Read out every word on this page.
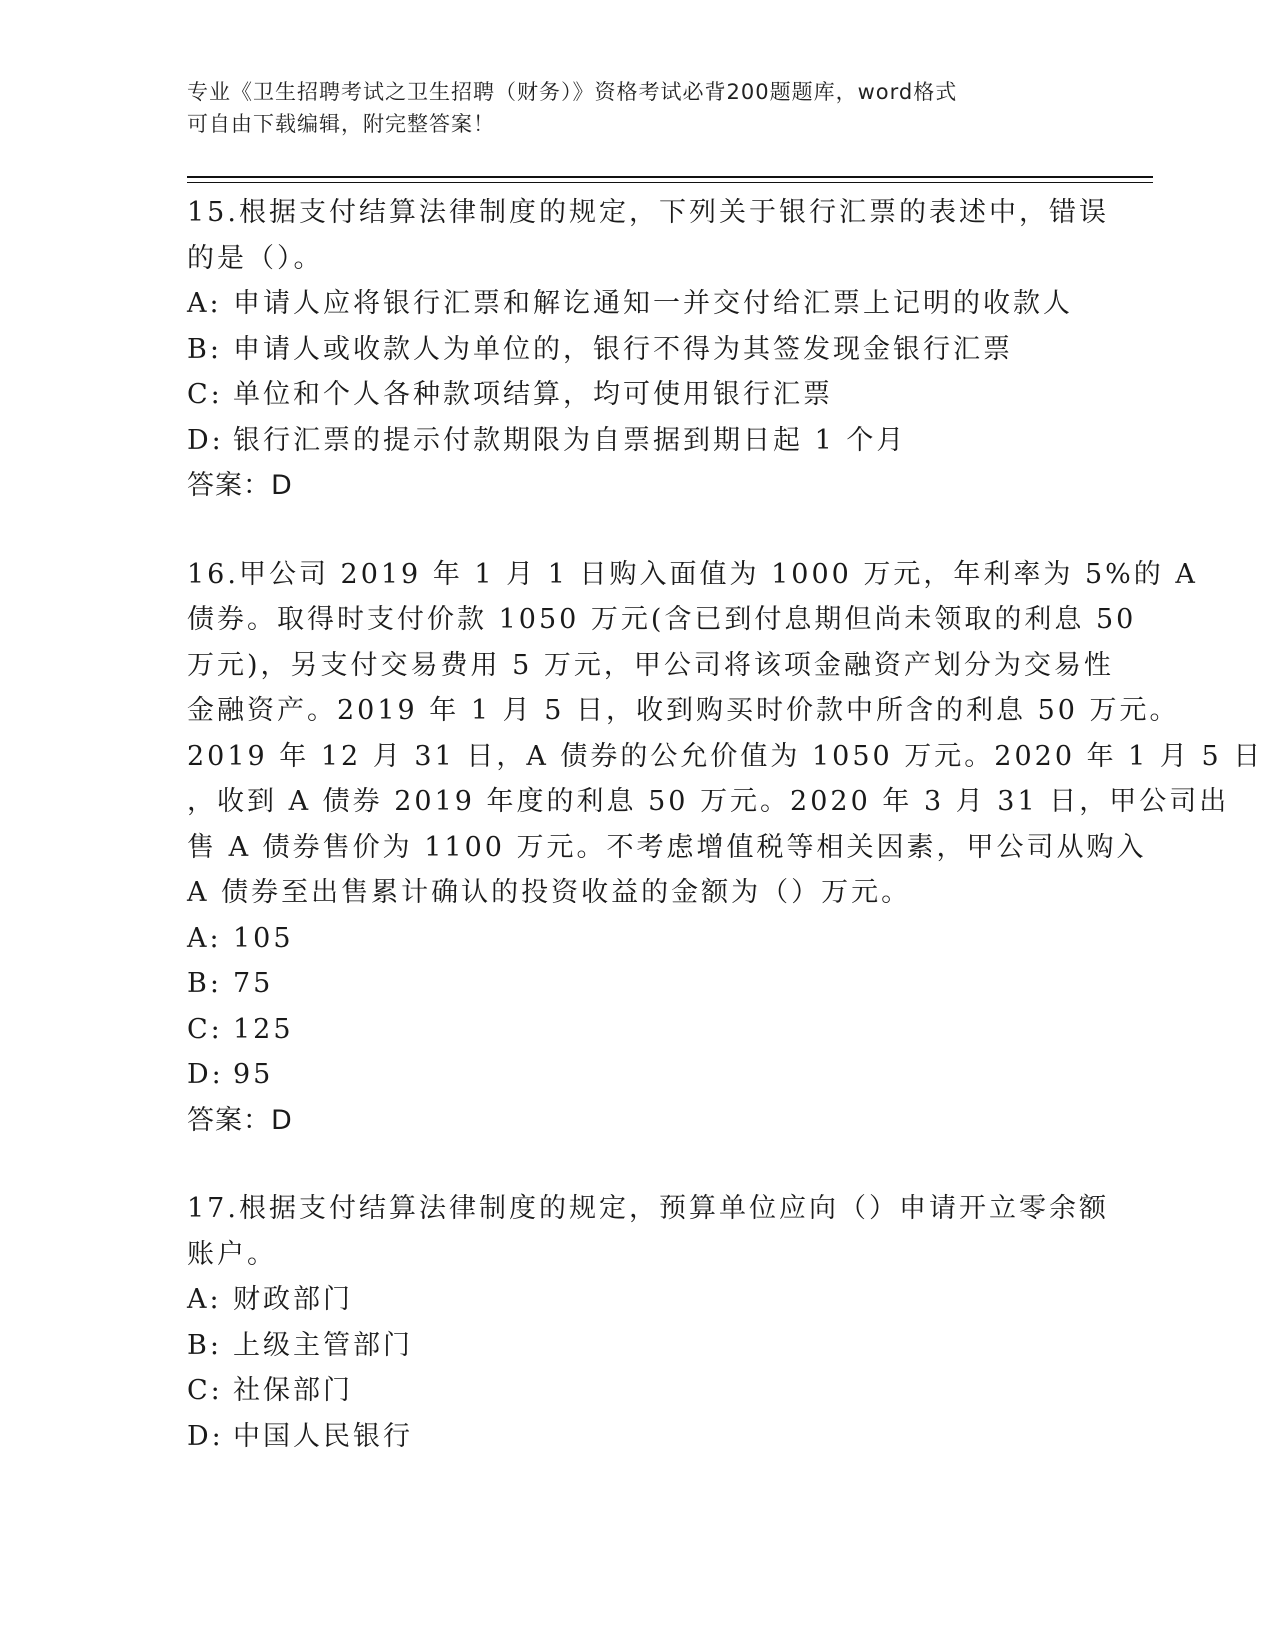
专业《卫生招聘考试之卫生招聘（财务）》资格考试必背200题题库，word格式
可自由下载编辑，附完整答案！
15.根据支付结算法律制度的规定，下列关于银行汇票的表述中，错误
的是（）。
A: 申请人应将银行汇票和解讫通知一并交付给汇票上记明的收款人
B: 申请人或收款人为单位的，银行不得为其签发现金银行汇票
C: 单位和个人各种款项结算，均可使用银行汇票
D: 银行汇票的提示付款期限为自票据到期日起 1 个月
答案：D
16.甲公司 2019 年 1 月 1 日购入面值为 1000 万元，年利率为 5%的 A
债券。取得时支付价款 1050 万元(含已到付息期但尚未领取的利息 50
万元)，另支付交易费用 5 万元，甲公司将该项金融资产划分为交易性
金融资产。2019 年 1 月 5 日，收到购买时价款中所含的利息 50 万元。
2019 年 12 月 31 日，A 债券的公允价值为 1050 万元。2020 年 1 月 5 日
，收到 A 债券 2019 年度的利息 50 万元。2020 年 3 月 31 日，甲公司出
售 A 债券售价为 1100 万元。不考虑增值税等相关因素，甲公司从购入
A 债券至出售累计确认的投资收益的金额为（）万元。
A: 105
B: 75
C: 125
D: 95
答案：D
17.根据支付结算法律制度的规定，预算单位应向（）申请开立零余额
账户。
A: 财政部门
B: 上级主管部门
C: 社保部门
D: 中国人民银行
